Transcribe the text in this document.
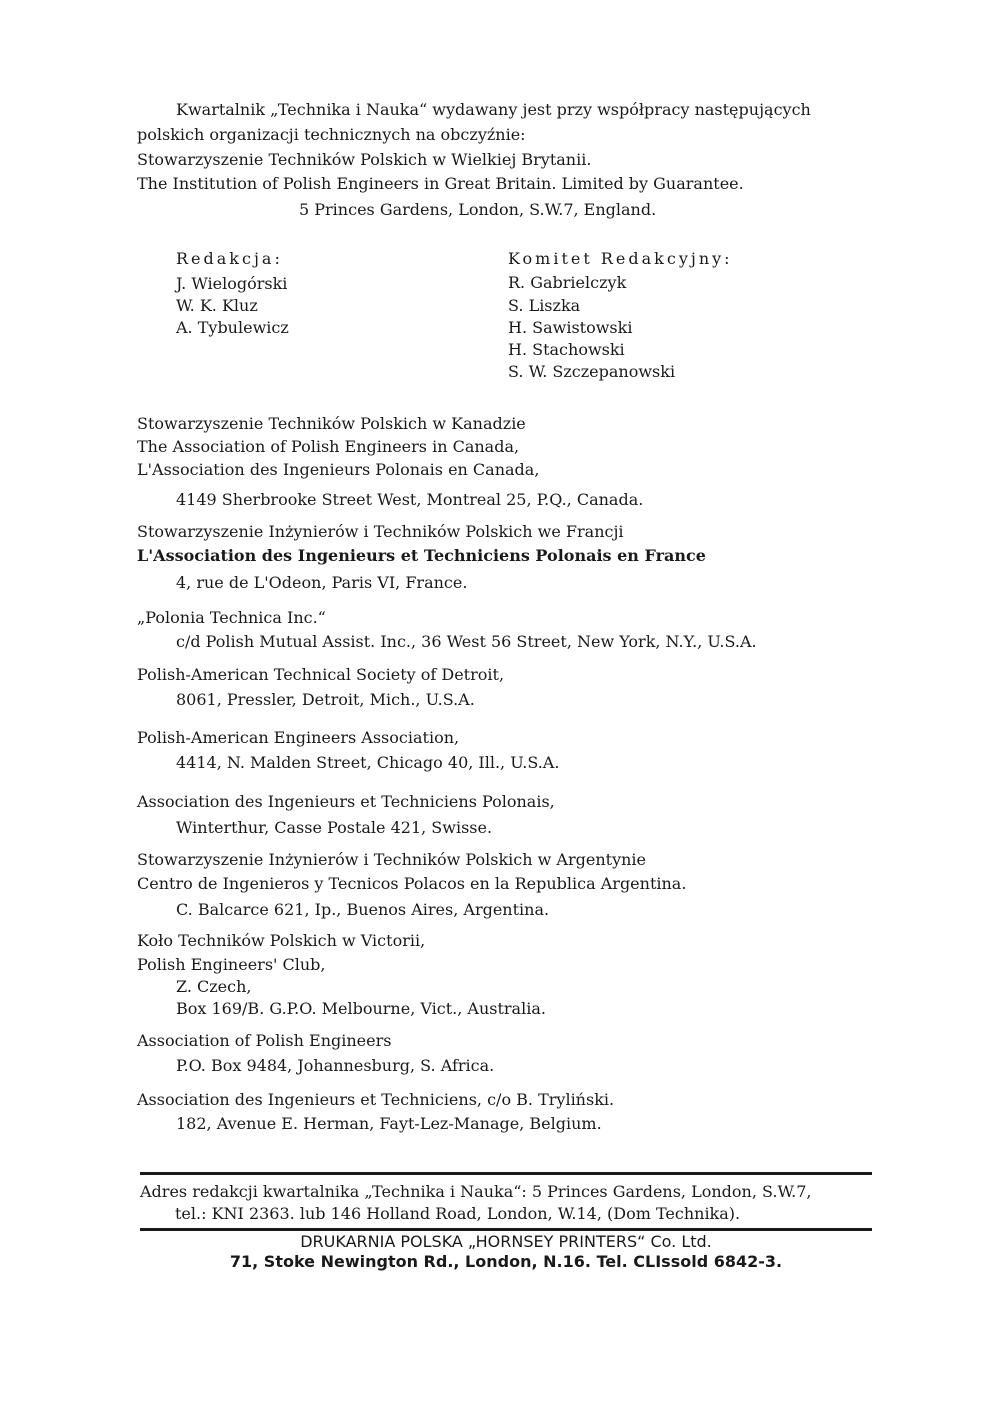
Kwartalnik „Technika i Nauka“ wydawany jest przy współpracy następujących
polskich organizacji technicznych na obczyźnie:
Stowarzyszenie Techników Polskich w Wielkiej Brytanii.
The Institution of Polish Engineers in Great Britain. Limited by Guarantee.
5 Princes Gardens, London, S.W.7, England.
Redakcja:
J. Wielogórski
W. K. Kluz
A. Tybulewicz
Komitet Redakcyjny:
R. Gabrielczyk
S. Liszka
H. Sawistowski
H. Stachowski
S. W. Szczepanowski
Stowarzyszenie Techników Polskich w Kanadzie
The Association of Polish Engineers in Canada,
L'Association des Ingenieurs Polonais en Canada,
4149 Sherbrooke Street West, Montreal 25, P.Q., Canada.
Stowarzyszenie Inżynierów i Techników Polskich we Francji
L'Association des Ingenieurs et Techniciens Polonais en France
4, rue de L'Odeon, Paris VI, France.
„Polonia Technica Inc.“
c/d Polish Mutual Assist. Inc., 36 West 56 Street, New York, N.Y., U.S.A.
Polish-American Technical Society of Detroit,
8061, Pressler, Detroit, Mich., U.S.A.
Polish-American Engineers Association,
4414, N. Malden Street, Chicago 40, Ill., U.S.A.
Association des Ingenieurs et Techniciens Polonais,
Winterthur, Casse Postale 421, Swisse.
Stowarzyszenie Inżynierów i Techników Polskich w Argentynie
Centro de Ingenieros y Tecnicos Polacos en la Republica Argentina.
C. Balcarce 621, Ip., Buenos Aires, Argentina.
Koło Techników Polskich w Victorii,
Polish Engineers' Club,
Z. Czech,
Box 169/B. G.P.O. Melbourne, Vict., Australia.
Association of Polish Engineers
P.O. Box 9484, Johannesburg, S. Africa.
Association des Ingenieurs et Techniciens, c/o B. Tryliński.
182, Avenue E. Herman, Fayt-Lez-Manage, Belgium.
Adres redakcji kwartalnika „Technika i Nauka“: 5 Princes Gardens, London, S.W.7,
tel.: KNI 2363. lub 146 Holland Road, London, W.14, (Dom Technika).
DRUKARNIA POLSKA „HORNSEY PRINTERS“ Co. Ltd.
71, Stoke Newington Rd., London, N.16. Tel. CLIssold 6842-3.
